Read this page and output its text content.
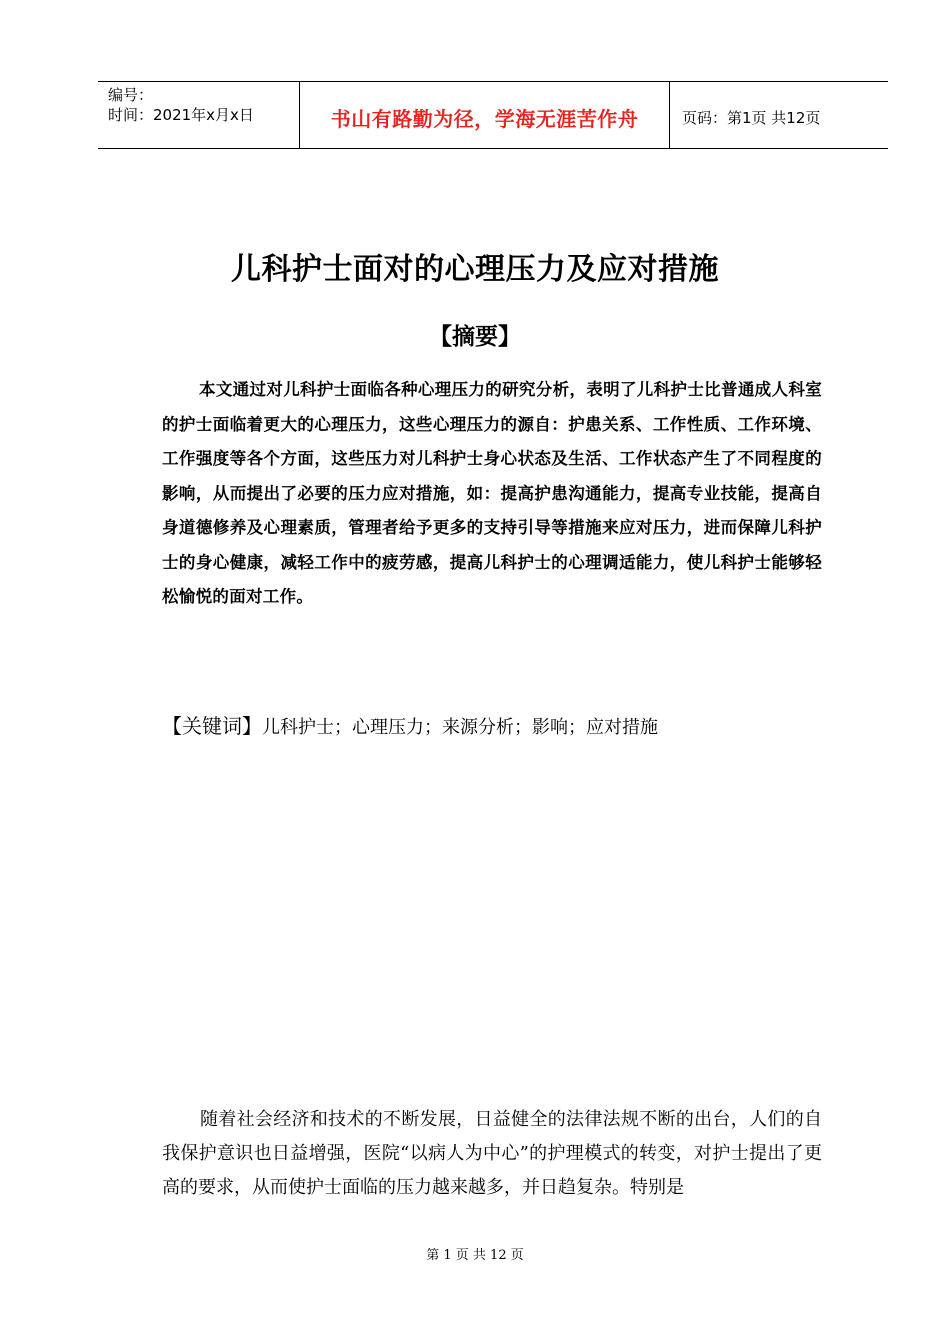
编号：
时间：2021年x月x日	书山有路勤为径，学海无涯苦作舟	页码：第1页 共12页
儿科护士面对的心理压力及应对措施
【摘要】
本文通过对儿科护士面临各种心理压力的研究分析，表明了儿科护士比普通成人科室的护士面临着更大的心理压力，这些心理压力的源自：护患关系、工作性质、工作环境、工作强度等各个方面，这些压力对儿科护士身心状态及生活、工作状态产生了不同程度的影响，从而提出了必要的压力应对措施，如：提高护患沟通能力，提高专业技能，提高自身道德修养及心理素质，管理者给予更多的支持引导等措施来应对压力，进而保障儿科护士的身心健康，减轻工作中的疲劳感，提高儿科护士的心理调适能力，使儿科护士能够轻松愉悦的面对工作。
【关键词】儿科护士；心理压力；来源分析；影响；应对措施
随着社会经济和技术的不断发展，日益健全的法律法规不断的出台，人们的自我保护意识也日益增强，医院“以病人为中心”的护理模式的转变，对护士提出了更高的要求，从而使护士面临的压力越来越多，并日趋复杂。特别是
第 1 页 共 12 页
